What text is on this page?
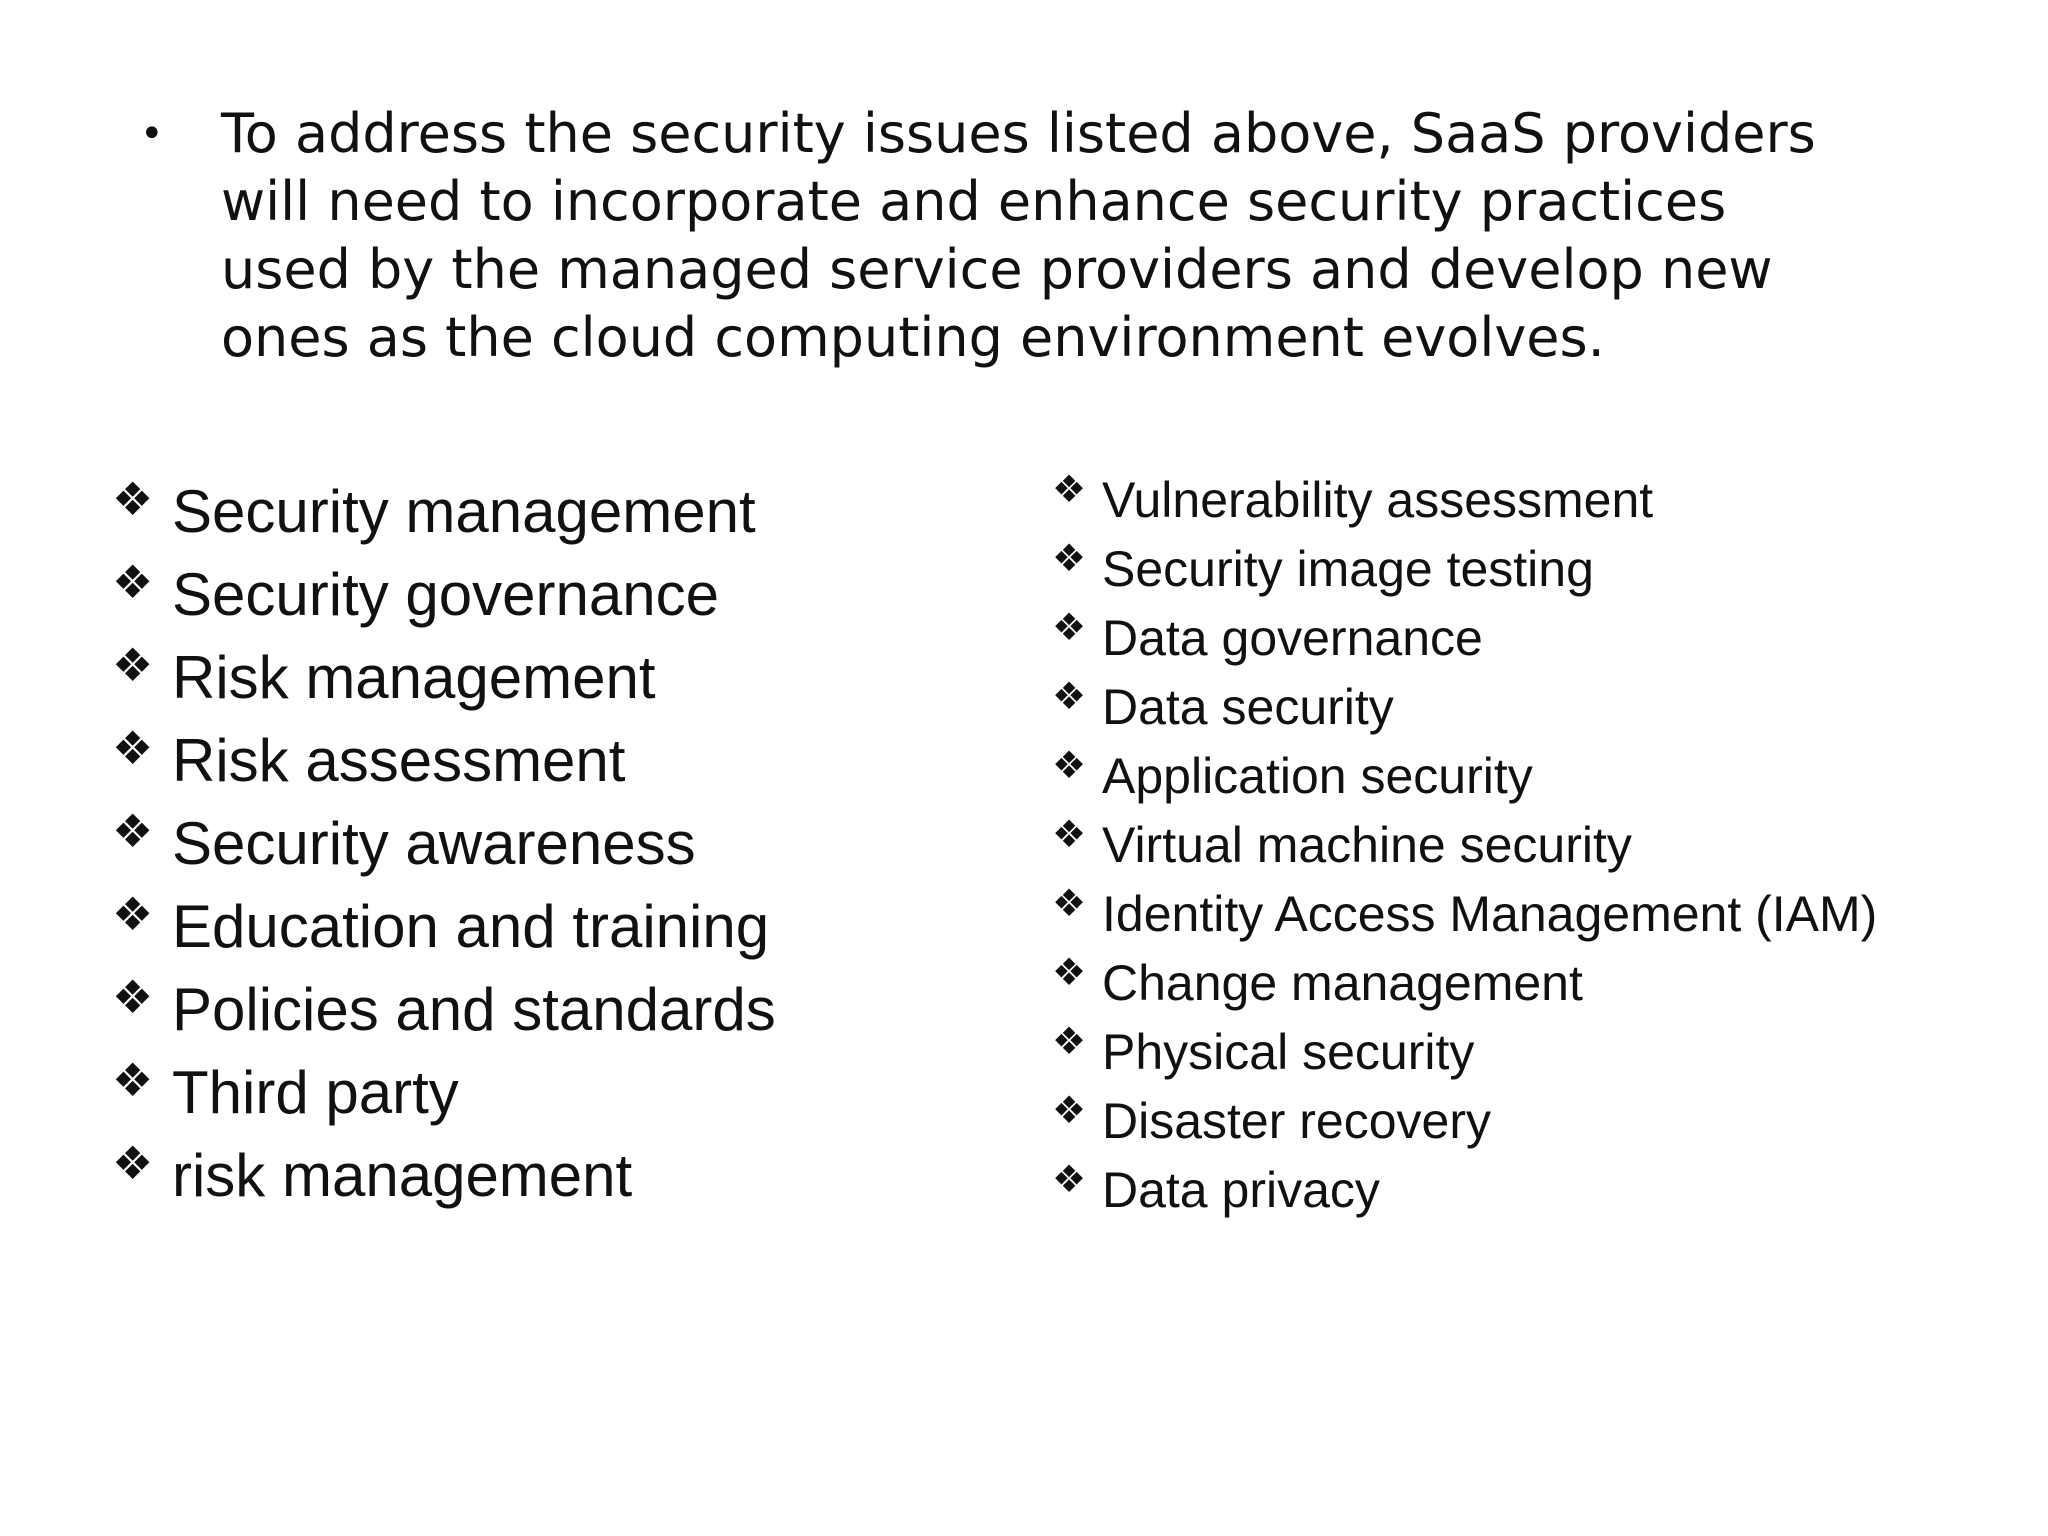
•	To address the security issues listed above, SaaS providers
will need to incorporate and enhance security practices
used by the managed service providers and develop new
ones as the cloud computing environment evolves.
❖ Security management
❖ Security governance
❖ Risk management
❖ Risk assessment
❖ Security awareness
❖ Education and training
❖ Policies and standards
❖ Third party
❖ risk management
❖ Vulnerability assessment
❖ Security image testing
❖ Data governance
❖ Data security
❖ Application security
❖ Virtual machine security
❖ Identity Access Management (IAM)
❖ Change management
❖ Physical security
❖ Disaster recovery
❖ Data privacy
